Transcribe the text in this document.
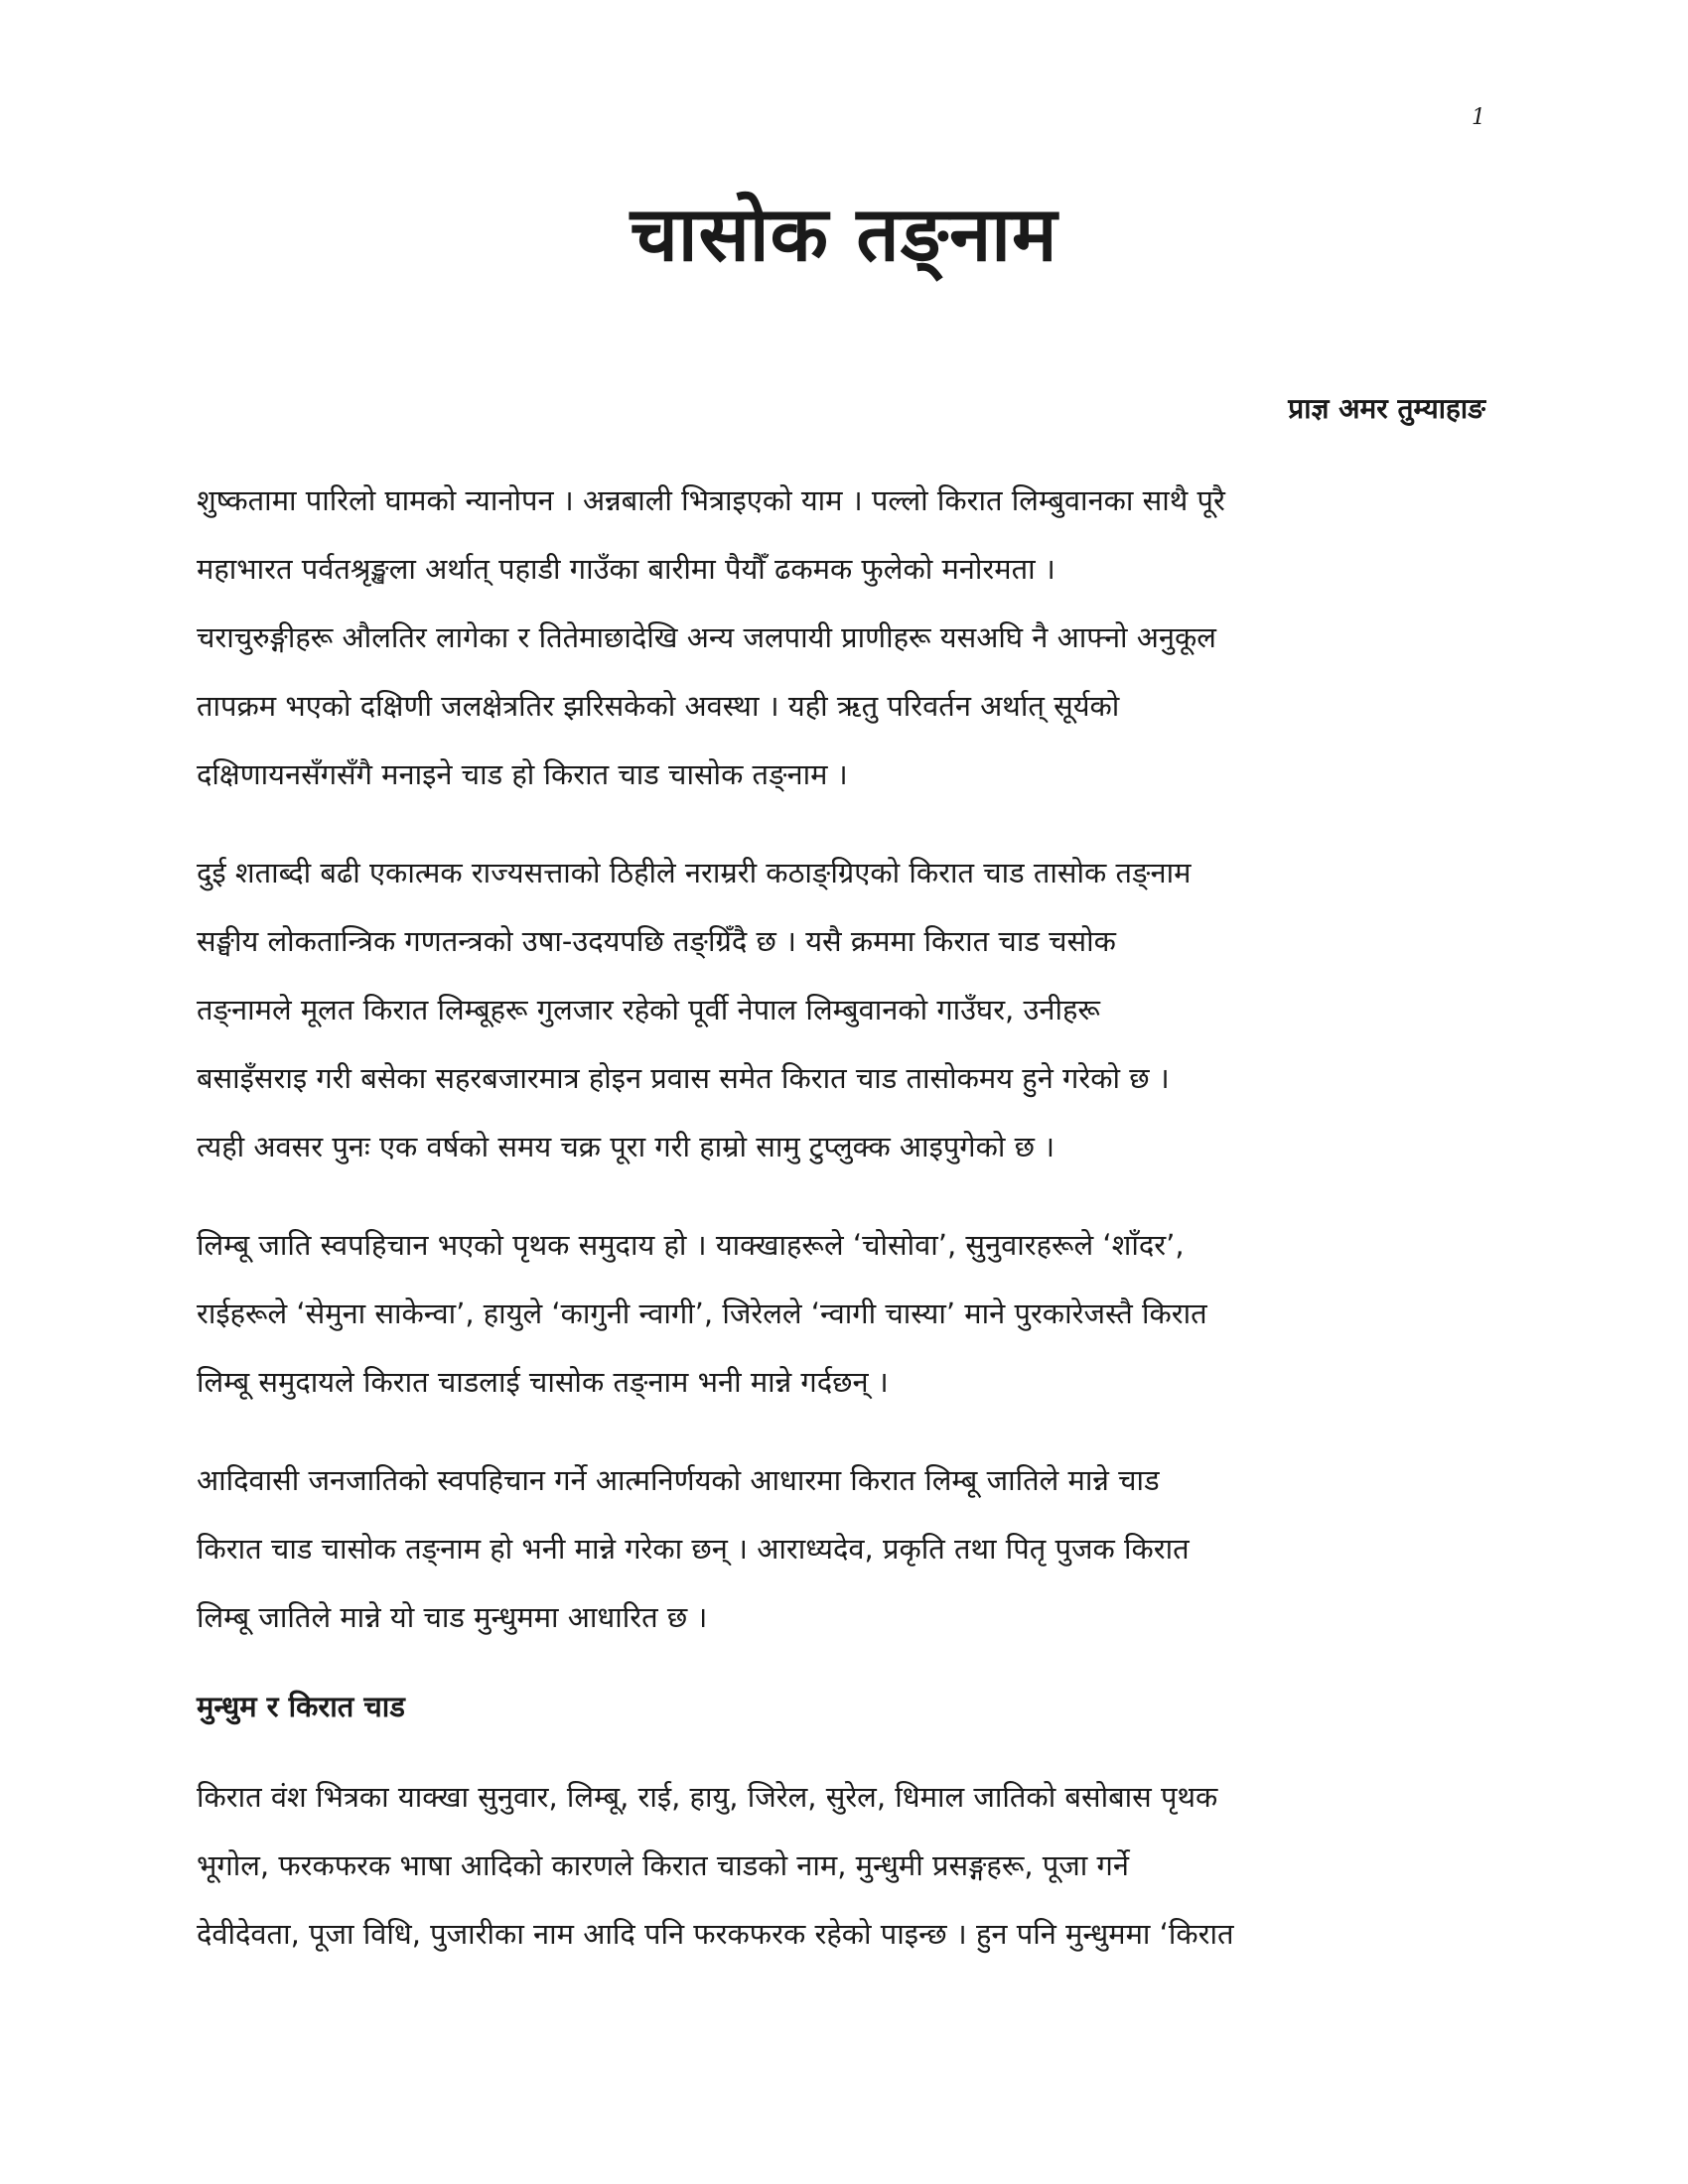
1
चासोक तङ्नाम
प्राज्ञ अमर तुम्याहाङ
शुष्कतामा पारिलो घामको न्यानोपन । अन्नबाली भित्राइएको याम । पल्लो किरात लिम्बुवानका साथै पूरै
महाभारत पर्वतश्रृङ्खला अर्थात् पहाडी गाउँका बारीमा पैयौँ ढकमक फुलेको मनोरमता ।
चराचुरुङ्गीहरू औलतिर लागेका र तितेमाछादेखि अन्य जलपायी प्राणीहरू यसअघि नै आफ्नो अनुकूल
तापक्रम भएको दक्षिणी जलक्षेत्रतिर झरिसकेको अवस्था । यही ऋतु परिवर्तन अर्थात् सूर्यको
दक्षिणायनसँगसँगै मनाइने चाड हो किरात चाड चासोक तङ्नाम ।
दुई शताब्दी बढी एकात्मक राज्यसत्ताको ठिहीले नराम्ररी कठाङ्ग्रिएको किरात चाड तासोक तङ्नाम
सङ्घीय लोकतान्त्रिक गणतन्त्रको उषा-उदयपछि तङ्ग्रिँदै छ । यसै क्रममा किरात चाड चसोक
तङ्नामले मूलत किरात लिम्बूहरू गुलजार रहेको पूर्वी नेपाल लिम्बुवानको गाउँघर, उनीहरू
बसाइँसराइ गरी बसेका सहरबजारमात्र होइन प्रवास समेत किरात चाड तासोकमय हुने गरेको छ ।
त्यही अवसर पुनः एक वर्षको समय चक्र पूरा गरी हाम्रो सामु टुप्लुक्क आइपुगेको छ ।
लिम्बू जाति स्वपहिचान भएको पृथक समुदाय हो । याक्खाहरूले ‘चोसोवा’, सुनुवारहरूले ‘शाँदर’,
राईहरूले ‘सेमुना साकेन्वा’, हायुले ‘कागुनी न्वागी’, जिरेलले ‘न्वागी चास्या’ माने पुरकारेजस्तै किरात
लिम्बू समुदायले किरात चाडलाई चासोक तङ्नाम भनी मान्ने गर्दछन् ।
आदिवासी जनजातिको स्वपहिचान गर्ने आत्मनिर्णयको आधारमा किरात लिम्बू जातिले मान्ने चाड
किरात चाड चासोक तङ्नाम हो भनी मान्ने गरेका छन् । आराध्यदेव, प्रकृति तथा पितृ पुजक किरात
लिम्बू जातिले मान्ने यो चाड मुन्धुममा आधारित छ ।
मुन्धुम र किरात चाड
किरात वंश भित्रका याक्खा सुनुवार, लिम्बू, राई, हायु, जिरेल, सुरेल, धिमाल जातिको बसोबास पृथक
भूगोल, फरकफरक भाषा आदिको कारणले किरात चाडको नाम, मुन्धुमी प्रसङ्गहरू, पूजा गर्ने
देवीदेवता, पूजा विधि, पुजारीका नाम आदि पनि फरकफरक रहेको पाइन्छ । हुन पनि मुन्धुममा ‘किरात
